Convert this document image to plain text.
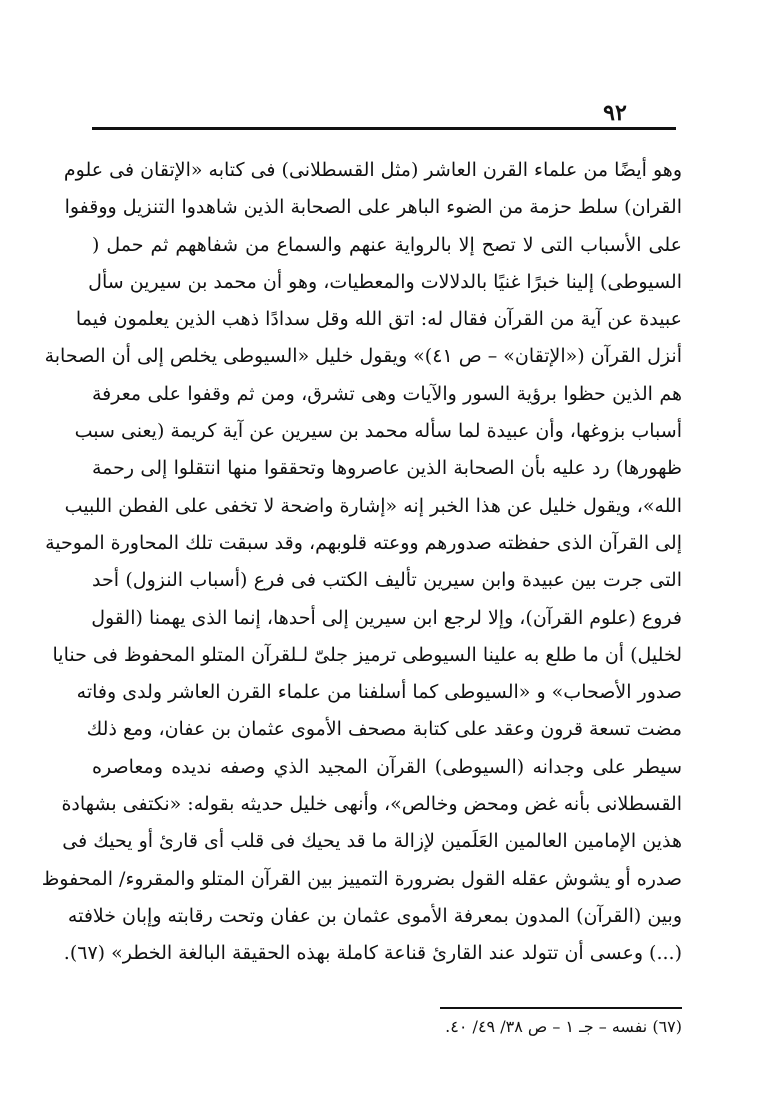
٩٢
وهو أيضًا من علماء القرن العاشر (مثل القسطلانى) فى كتابه «الإتقان فى علوم
القران) سلط حزمة من الضوء الباهر على الصحابة الذين شاهدوا التنزيل ووقفوا
على الأسباب التى لا تصح إلا بالرواية عنهم والسماع من شفاههم ثم حمل (
السيوطى) إلينا خبرًا غنيًا بالدلالات والمعطيات، وهو أن محمد بن سيرين سأل
عبيدة عن آية من القرآن فقال له: اتق الله وقل سدادًا ذهب الذين يعلمون فيما
أنزل القرآن («الإتقان» – ص ٤١)» ويقول خليل «السيوطى يخلص إلى أن الصحابة
هم الذين حظوا برؤية السور والآيات وهى تشرق، ومن ثم وقفوا على معرفة
أسباب بزوغها، وأن عبيدة لما سأله محمد بن سيرين عن آية كريمة (يعنى سبب
ظهورها) رد عليه بأن الصحابة الذين عاصروها وتحققوا منها انتقلوا إلى رحمة
الله»، ويقول خليل عن هذا الخبر إنه «إشارة واضحة لا تخفى على الفطن اللبيب
إلى القرآن الذى حفظته صدورهم ووعته قلوبهم، وقد سبقت تلك المحاورة الموحية
التى جرت بين عبيدة وابن سيرين تأليف الكتب فى فرع (أسباب النزول) أحد
فروع (علوم القرآن)، وإلا لرجع ابن سيرين إلى أحدها، إنما الذى يهمنا (القول
لخليل) أن ما طلع به علينا السيوطى ترميز جلىّ لـلقرآن المتلو المحفوظ فى حنايا
صدور الأصحاب» و «السيوطى كما أسلفنا من علماء القرن العاشر ولدى وفاته
مضت تسعة قرون وعقد على كتابة مصحف الأموى عثمان بن عفان، ومع ذلك
سيطر على وجدانه (السيوطى) القرآن المجيد الذي وصفه نديده ومعاصره
القسطلانى بأنه غض ومحض وخالص»، وأنهى خليل حديثه بقوله: «نكتفى بشهادة
هذين الإمامين العالمين العَلَمين لإزالة ما قد يحيك فى قلب أى قارئ أو يحيك فى
صدره أو يشوش عقله القول بضرورة التمييز بين القرآن المتلو والمقروء/ المحفوظ
وبين (القرآن) المدون بمعرفة الأموى عثمان بن عفان وتحت رقابته وإبان خلافته
(...) وعسى أن تتولد عند القارئ قناعة كاملة بهذه الحقيقة البالغة الخطر» (٦٧).
(٦٧) نفسه – جـ ١ – ص ٣٨/ ٤٩/ ٤٠.
